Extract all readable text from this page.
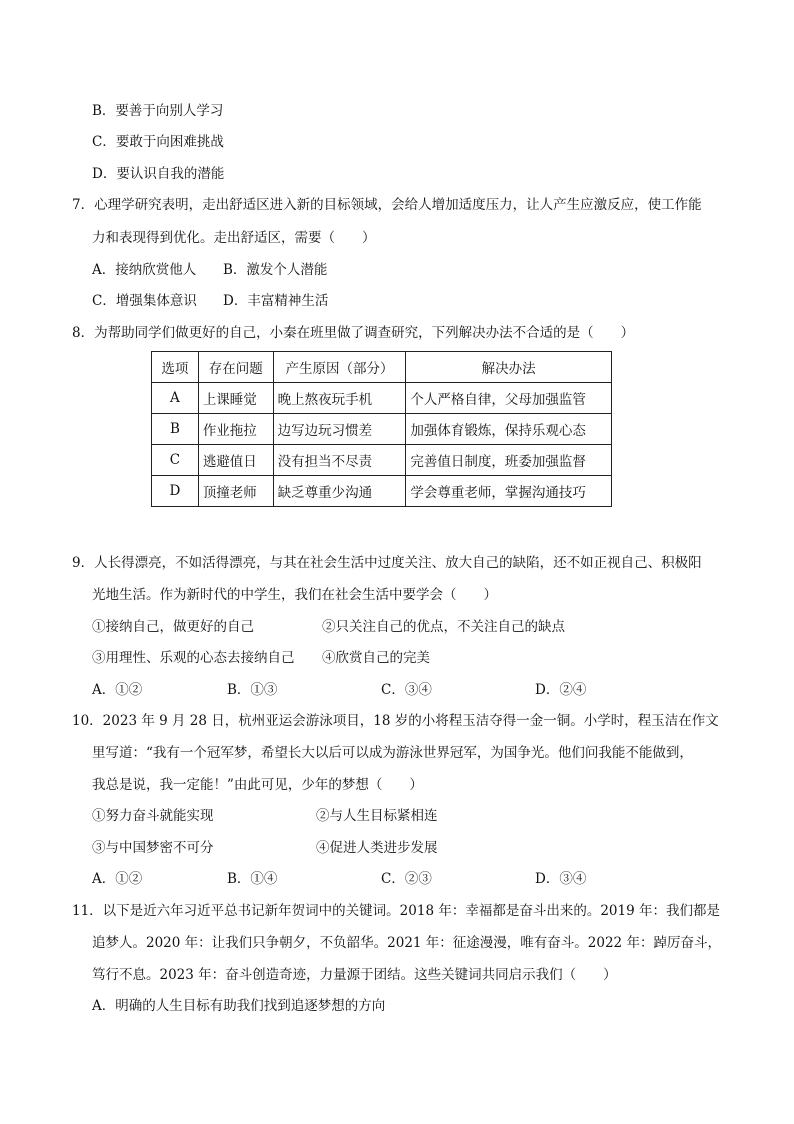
B．要善于向别人学习
C．要敢于向困难挑战
D．要认识自我的潜能
7．心理学研究表明，走出舒适区进入新的目标领域，会给人增加适度压力，让人产生应激反应，使工作能
力和表现得到优化。走出舒适区，需要（　　）
A．接纳欣赏他人 B．激发个人潜能
C．增强集体意识 D．丰富精神生活
8．为帮助同学们做更好的自己，小秦在班里做了调查研究，下列解决办法不合适的是（　　）
选项	存在问题	产生原因（部分）	解决办法
A	上课睡觉	晚上熬夜玩手机	个人严格自律，父母加强监管
B	作业拖拉	边写边玩习惯差	加强体育锻炼，保持乐观心态
C	逃避值日	没有担当不尽责	完善值日制度，班委加强监督
D	顶撞老师	缺乏尊重少沟通	学会尊重老师，掌握沟通技巧
9．人长得漂亮，不如活得漂亮，与其在社会生活中过度关注、放大自己的缺陷，还不如正视自己、积极阳
光地生活。作为新时代的中学生，我们在社会生活中要学会（　　）
①接纳自己，做更好的自己	②只关注自己的优点，不关注自己的缺点
③用理性、乐观的心态去接纳自己 ④欣赏自己的完美
A．①②	B．①③	C．③④	D．②④
10．2023 年 9 月 28 日，杭州亚运会游泳项目，18 岁的小将程玉洁夺得一金一铜。小学时，程玉洁在作文
里写道：“我有一个冠军梦，希望长大以后可以成为游泳世界冠军，为国争光。他们问我能不能做到，
我总是说，我一定能！”由此可见，少年的梦想（　　）
①努力奋斗就能实现	②与人生目标紧相连
③与中国梦密不可分	④促进人类进步发展
A．①②	B．①④	C．②③	D．③④
11．以下是近六年习近平总书记新年贺词中的关键词。2018 年：幸福都是奋斗出来的。2019 年：我们都是
追梦人。2020 年：让我们只争朝夕，不负韶华。2021 年：征途漫漫，唯有奋斗。2022 年：踔厉奋斗，
笃行不息。2023 年：奋斗创造奇迹，力量源于团结。这些关键词共同启示我们（　　）
A．明确的人生目标有助我们找到追逐梦想的方向
